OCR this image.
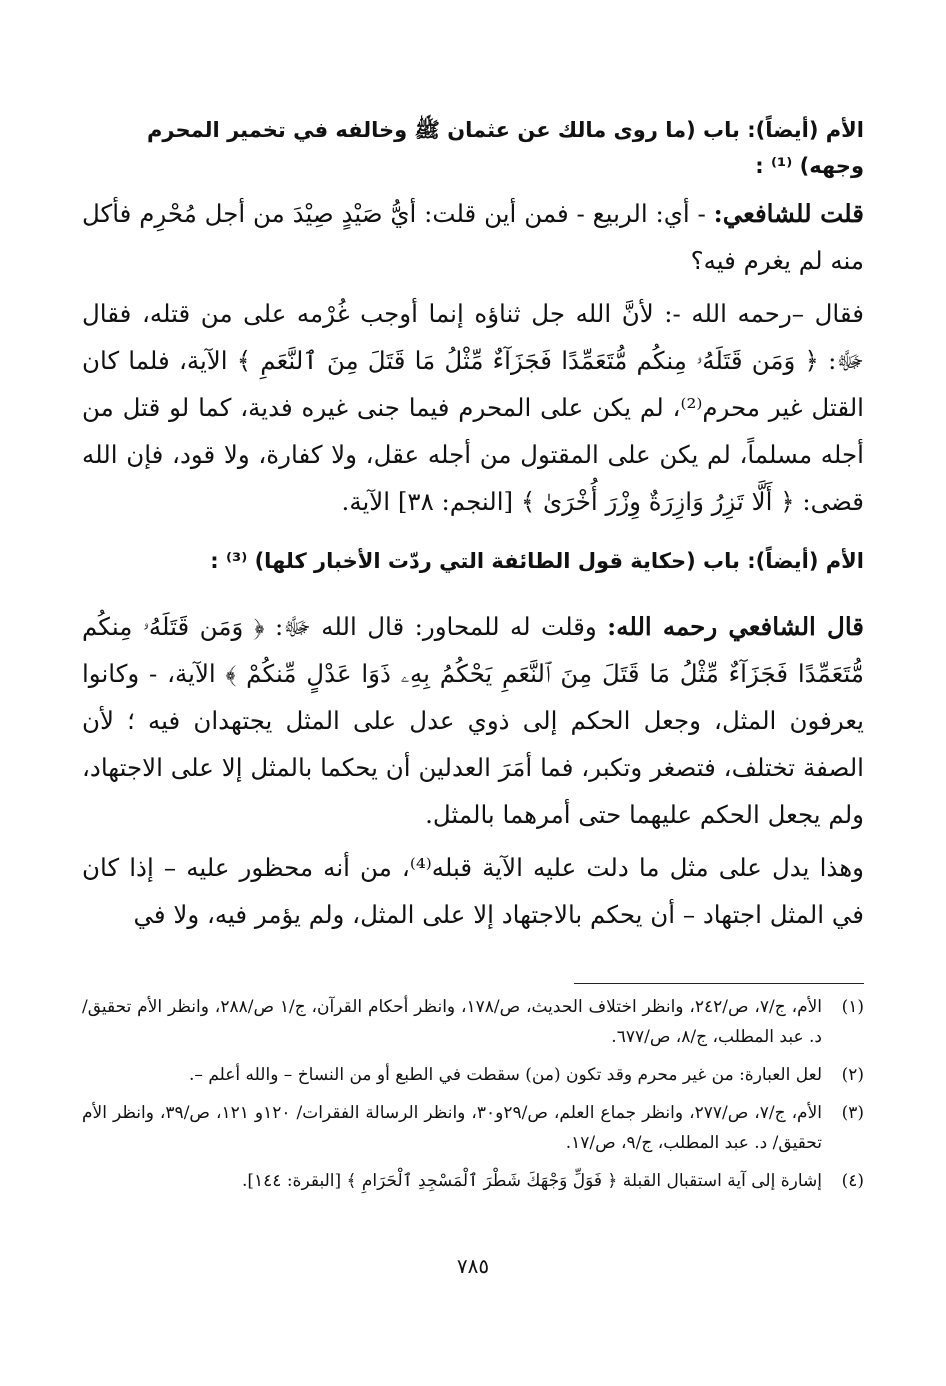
الأم (أيضاً): باب (ما روى مالك عن عثمان ﷺ وخالفه في تخمير المحرم وجهه) ⁽¹⁾ :

قلت للشافعي: - أي: الربيع - فمن أين قلت: أيُّ صَيْدٍ صِيْدَ من أجل مُحْرِم فأكل منه لم يغرم فيه؟

فقال –رحمه الله -: لأنَّ الله جل ثناؤه إنما أوجب غُرْمه على من قتله، فقال ﷻ: ﴿ وَمَن قَتَلَهُۥ مِنكُم مُّتَعَمِّدًا فَجَزَآءٌ مِّثْلُ مَا قَتَلَ مِنَ ٱلنَّعَمِ ﴾ الآية، فلما كان القتل غير محرم⁽²⁾، لم يكن على المحرم فيما جنى غيره فدية، كما لو قتل من أجله مسلماً، لم يكن على المقتول من أجله عقل، ولا كفارة، ولا قود، فإن الله قضى: ﴿ أَلَّا تَزِرُ وَازِرَةٌ وِزْرَ أُخْرَىٰ ﴾ [النجم: ٣٨] الآية.

الأم (أيضاً): باب (حكاية قول الطائفة التي ردّت الأخبار كلها) ⁽³⁾ :

قال الشافعي رحمه الله: وقلت له للمحاور: قال الله ﷻ: ﴿ وَمَن قَتَلَهُۥ مِنكُم مُّتَعَمِّدًا فَجَزَآءٌ مِّثْلُ مَا قَتَلَ مِنَ ٱلنَّعَمِ يَحْكُمُ بِهِۦ ذَوَا عَدْلٍ مِّنكُمْ ﴾ الآية، - وكانوا يعرفون المثل، وجعل الحكم إلى ذوي عدل على المثل يجتهدان فيه ؛ لأن الصفة تختلف، فتصغر وتكبر، فما أمَرَ العدلين أن يحكما بالمثل إلا على الاجتهاد، ولم يجعل الحكم عليهما حتى أمرهما بالمثل.

وهذا يدل على مثل ما دلت عليه الآية قبله⁽⁴⁾، من أنه محظور عليه – إذا كان في المثل اجتهاد – أن يحكم بالاجتهاد إلا على المثل، ولم يؤمر فيه، ولا في

(١)
الأم، ج/٧، ص/٢٤٢، وانظر اختلاف الحديث، ص/١٧٨، وانظر أحكام القرآن، ج/١ ص/٢٨٨، وانظر الأم تحقيق/ د. عبد المطلب، ج/٨، ص/٦٧٧.
(٢)
لعل العبارة: من غير محرم وقد تكون (من) سقطت في الطبع أو من النساخ – والله أعلم –.
(٣)
الأم، ج/٧، ص/٢٧٧، وانظر جماع العلم، ص/٢٩و٣٠، وانظر الرسالة الفقرات/ ١٢٠و ١٢١، ص/٣٩، وانظر الأم تحقيق/ د. عبد المطلب، ج/٩، ص/١٧.
(٤)
إشارة إلى آية استقبال القبلة ﴿ فَوَلِّ وَجْهَكَ شَطْرَ ٱلْمَسْجِدِ ٱلْحَرَامِ ﴾ [البقرة: ١٤٤].
٧٨٥
